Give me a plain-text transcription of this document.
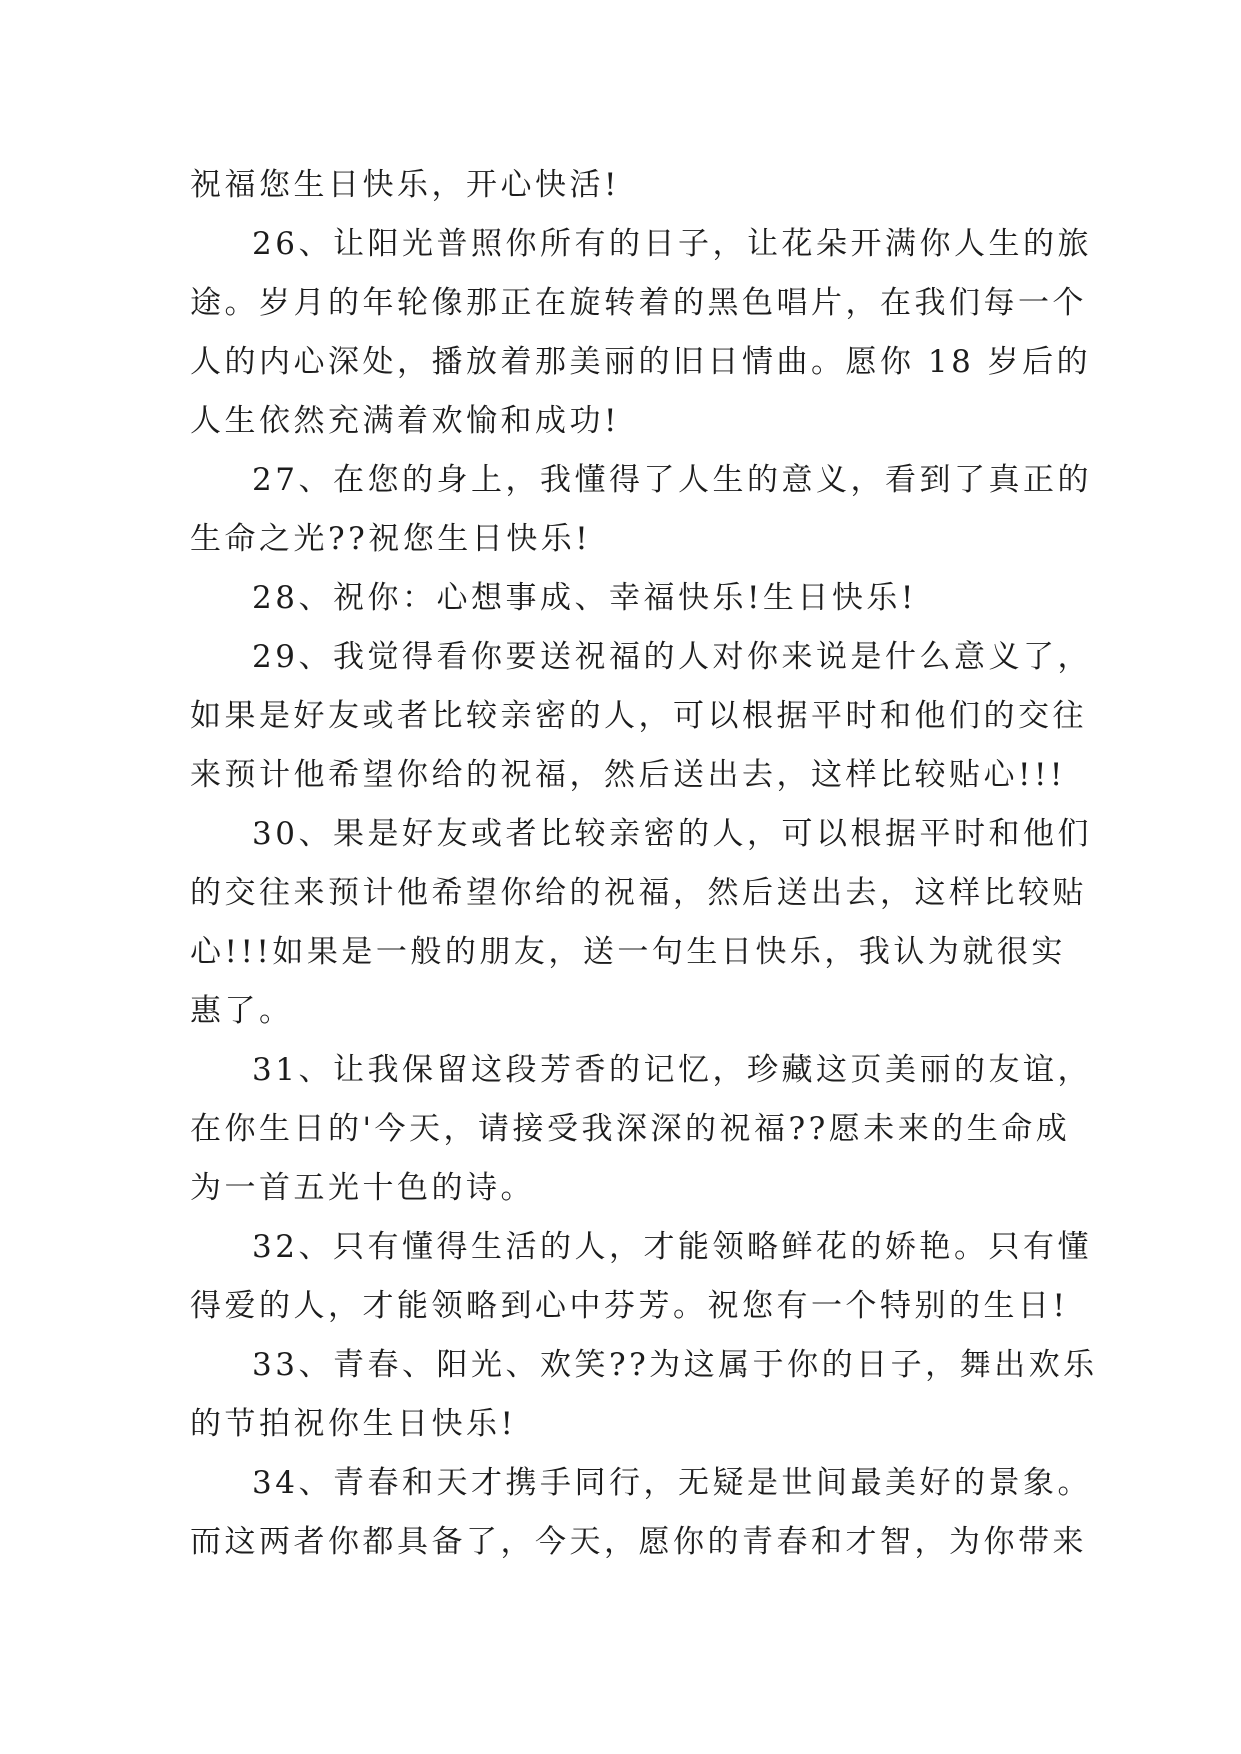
祝福您生日快乐，开心快活!
26、让阳光普照你所有的日子，让花朵开满你人生的旅
途。岁月的年轮像那正在旋转着的黑色唱片，在我们每一个
人的内心深处，播放着那美丽的旧日情曲。愿你 18 岁后的
人生依然充满着欢愉和成功!
27、在您的身上，我懂得了人生的意义，看到了真正的
生命之光??祝您生日快乐!
28、祝你：心想事成、幸福快乐!生日快乐!
29、我觉得看你要送祝福的人对你来说是什么意义了，
如果是好友或者比较亲密的人，可以根据平时和他们的交往
来预计他希望你给的祝福，然后送出去，这样比较贴心!!!
30、果是好友或者比较亲密的人，可以根据平时和他们
的交往来预计他希望你给的祝福，然后送出去，这样比较贴
心!!!如果是一般的朋友，送一句生日快乐，我认为就很实
惠了。
31、让我保留这段芳香的记忆，珍藏这页美丽的友谊，
在你生日的'今天，请接受我深深的祝福??愿未来的生命成
为一首五光十色的诗。
32、只有懂得生活的人，才能领略鲜花的娇艳。只有懂
得爱的人，才能领略到心中芬芳。祝您有一个特别的生日!
33、青春、阳光、欢笑??为这属于你的日子，舞出欢乐
的节拍祝你生日快乐!
34、青春和天才携手同行，无疑是世间最美好的景象。
而这两者你都具备了，今天，愿你的青春和才智，为你带来
